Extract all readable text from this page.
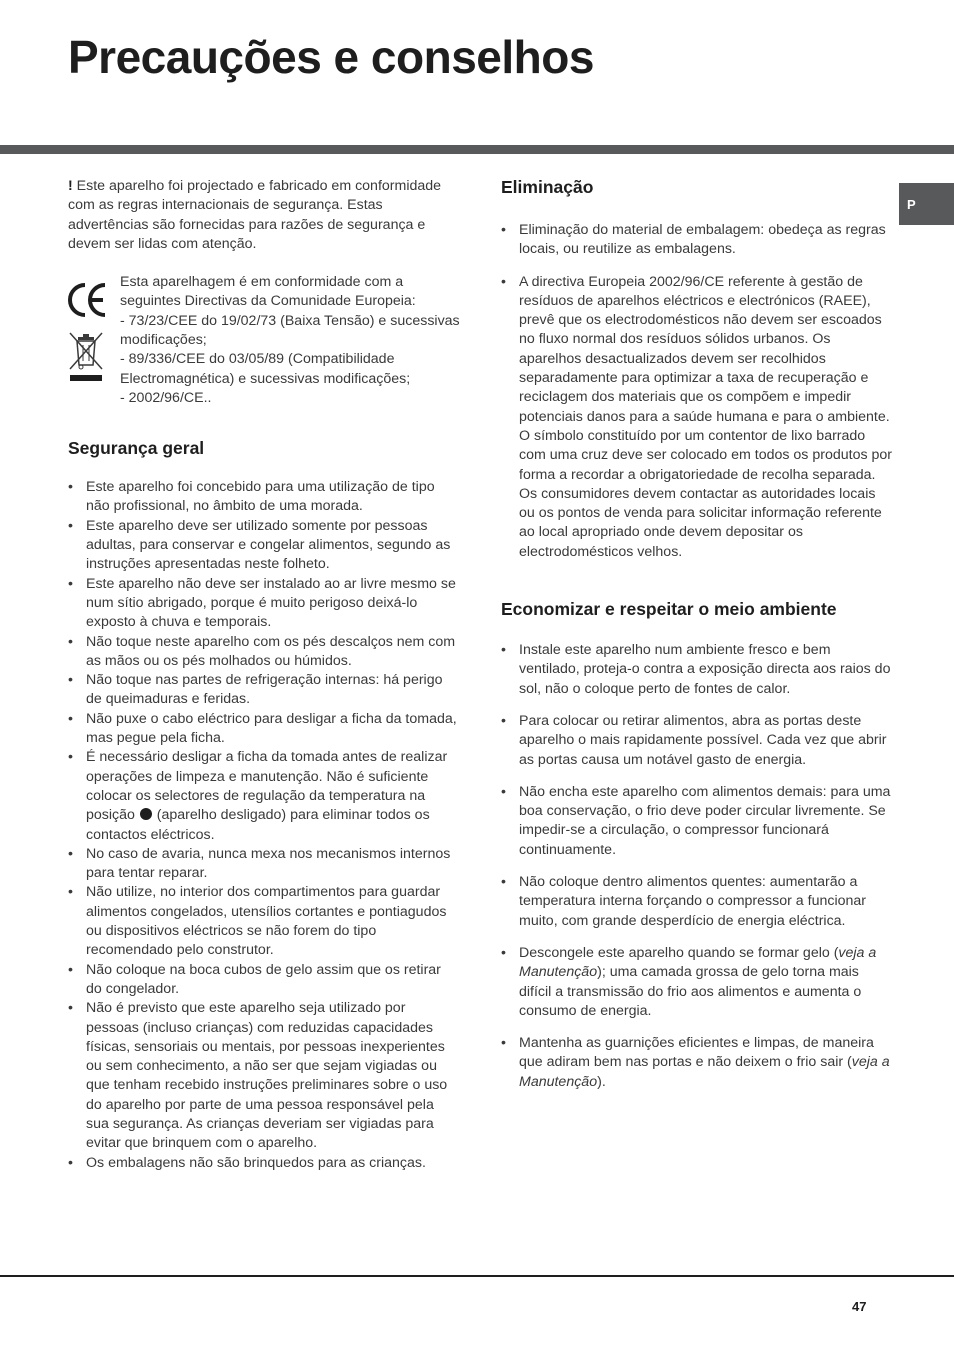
Precauções e conselhos
P

! Este aparelho foi projectado e fabricado em conformidade com as regras internacionais de segurança. Estas advertências são fornecidas para razões de segurança e devem ser lidas com atenção.

Esta aparelhagem é em conformidade com a seguintes Directivas da Comunidade Europeia:

- 73/23/CEE do 19/02/73 (Baixa Tensão) e sucessivas modificações;

- 89/336/CEE do 03/05/89 (Compatibilidade Electromagnética) e sucessivas modificações;

- 2002/96/CE..

Segurança geral
• Este aparelho foi concebido para uma utilização de tipo não profissional, no âmbito de uma morada.
• Este aparelho deve ser utilizado somente por pessoas adultas, para conservar e congelar alimentos, segundo as instruções apresentadas neste folheto.
• Este aparelho não deve ser instalado ao ar livre mesmo se num sítio abrigado, porque é muito perigoso deixá-lo exposto à chuva e temporais.
• Não toque neste aparelho com os pés descalços nem com as mãos ou os pés molhados ou húmidos.
• Não toque nas partes de refrigeração internas: há perigo de queimaduras e feridas.
• Não puxe o cabo eléctrico para desligar a ficha da tomada, mas pegue pela ficha.
• É necessário desligar a ficha da tomada antes de realizar operações de limpeza e manutenção. Não é suficiente colocar os selectores de regulação da temperatura na posição  (aparelho desligado) para eliminar todos os contactos eléctricos.
• No caso de avaria, nunca mexa nos mecanismos internos para tentar reparar.
• Não utilize, no interior dos compartimentos para guardar alimentos congelados, utensílios cortantes e pontiagudos ou dispositivos eléctricos se não forem do tipo recomendado pelo construtor.
• Não coloque na boca cubos de gelo assim que os retirar do congelador.
• Não é previsto que este aparelho seja utilizado por pessoas (incluso crianças) com reduzidas capacidades físicas, sensoriais ou mentais, por pessoas inexperientes ou sem conhecimento, a não ser que sejam vigiadas ou que tenham recebido instruções preliminares sobre o uso do aparelho por parte de uma pessoa responsável pela sua segurança. As crianças deveriam ser vigiadas para evitar que brinquem com o aparelho.
• Os embalagens não são brinquedos para as crianças.
Eliminação
• Eliminação do material de embalagem: obedeça as regras locais, ou reutilize as embalagens.
• A directiva Europeia 2002/96/CE referente à gestão de resíduos de aparelhos eléctricos e electrónicos (RAEE), prevê que os electrodomésticos não devem ser escoados no fluxo normal dos resíduos sólidos urbanos. Os aparelhos desactualizados devem ser recolhidos separadamente para optimizar a taxa de recuperação e reciclagem dos materiais que os compõem e impedir potenciais danos para a saúde humana e para o ambiente. O símbolo constituído por um contentor de lixo barrado com uma cruz deve ser colocado em todos os produtos por forma a recordar a obrigatoriedade de recolha separada. Os consumidores devem contactar as autoridades locais ou os pontos de venda para solicitar informação referente ao local apropriado onde devem depositar os electrodomésticos velhos.
Economizar e respeitar o meio ambiente
• Instale este aparelho num ambiente fresco e bem ventilado, proteja-o contra a exposição directa aos raios do sol, não o coloque perto de fontes de calor.
• Para colocar ou retirar alimentos, abra as portas deste aparelho o mais rapidamente possível. Cada vez que abrir as portas causa um notável gasto de energia.
• Não encha este aparelho com alimentos demais: para uma boa conservação, o frio deve poder circular livremente. Se impedir-se a circulação, o compressor funcionará continuamente.
• Não coloque dentro alimentos quentes: aumentarão a temperatura interna forçando o compressor a funcionar muito, com grande desperdício de energia eléctrica.
• Descongele este aparelho quando se formar gelo (veja a Manutenção); uma camada grossa de gelo torna mais difícil a transmissão do frio aos alimentos e aumenta o consumo de energia.
• Mantenha as guarnições eficientes e limpas, de maneira que adiram bem nas portas e não deixem o frio sair (veja a Manutenção).
47
